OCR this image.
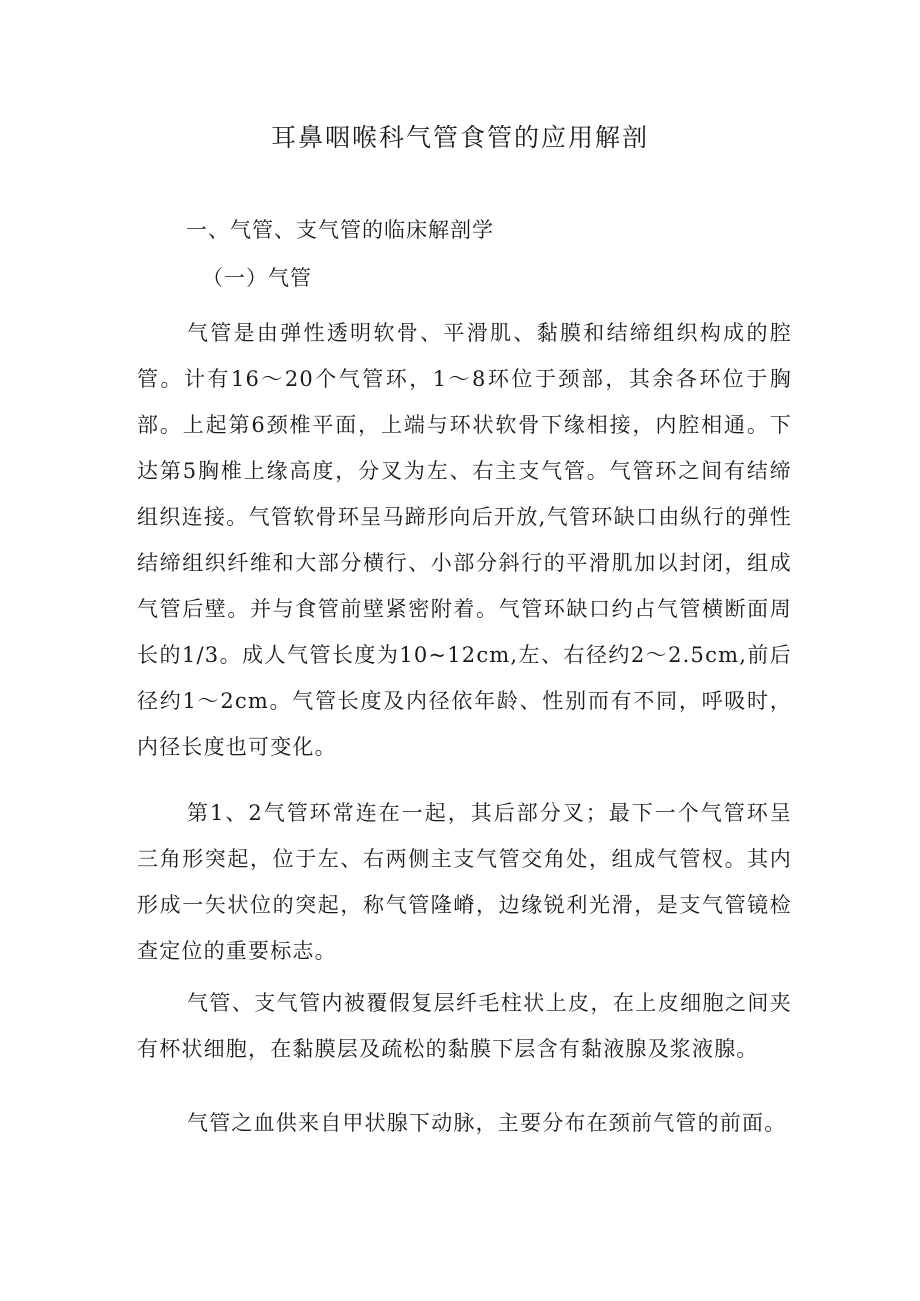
耳鼻咽喉科气管食管的应用解剖
一、气管、支气管的临床解剖学
（一）气管

气管是由弹性透明软骨、平滑肌、黏膜和结缔组织构成的腔管。计有16～20个气管环，1～8环位于颈部，其余各环位于胸部。上起第6颈椎平面，上端与环状软骨下缘相接，内腔相通。下达第5胸椎上缘高度，分叉为左、右主支气管。气管环之间有结缔组织连接。气管软骨环呈马蹄形向后开放,气管环缺口由纵行的弹性结缔组织纤维和大部分横行、小部分斜行的平滑肌加以封闭，组成气管后壁。并与食管前壁紧密附着。气管环缺口约占气管横断面周长的1/3。成人气管长度为10~12cm,左、右径约2～2.5cm,前后径约1～2cm。气管长度及内径依年龄、性别而有不同，呼吸时，内径长度也可变化。

第1、2气管环常连在一起，其后部分叉；最下一个气管环呈三角形突起，位于左、右两侧主支气管交角处，组成气管杈。其内形成一矢状位的突起，称气管隆嵴，边缘锐利光滑，是支气管镜检查定位的重要标志。

气管、支气管内被覆假复层纤毛柱状上皮，在上皮细胞之间夹有杯状细胞，在黏膜层及疏松的黏膜下层含有黏液腺及浆液腺。

气管之血供来自甲状腺下动脉，主要分布在颈前气管的前面。
